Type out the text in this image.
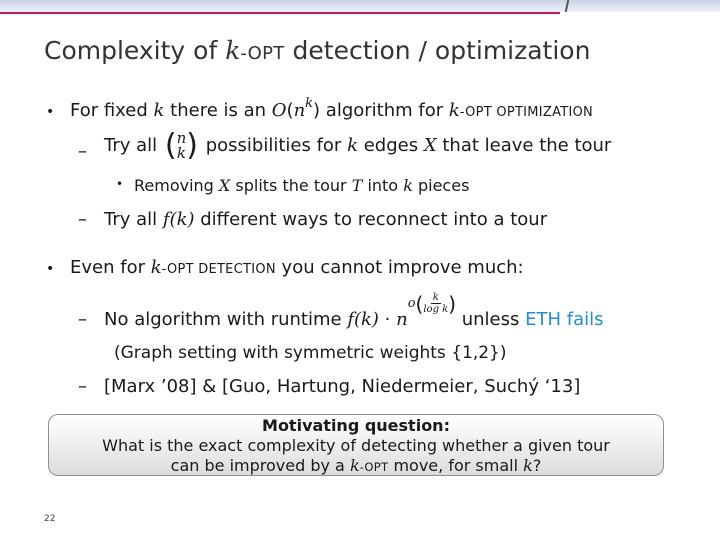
Complexity of k-OPT detection / optimization
• For fixed k there is an $O(n^k)$ algorithm for k-OPT OPTIMIZATION
– Try all ( n
k ) possibilities for k edges X that leave the tour
• Removing X splits the tour T into k pieces
– Try all f(k) different ways to reconnect into a tour
• Even for k-OPT DETECTION you cannot improve much:
– No algorithm with runtime f(k) · n
o ( $\frac{k}{\text{log k}}$ )
unless ETH fails
(Graph setting with symmetric weights {1,2})
– [Marx ’08] & [Guo, Hartung, Niedermeier, Suchý ‘13]
Motivating question:
What is the exact complexity of detecting whether a given tour
can be improved by a k-OPT move, for small k?
22
